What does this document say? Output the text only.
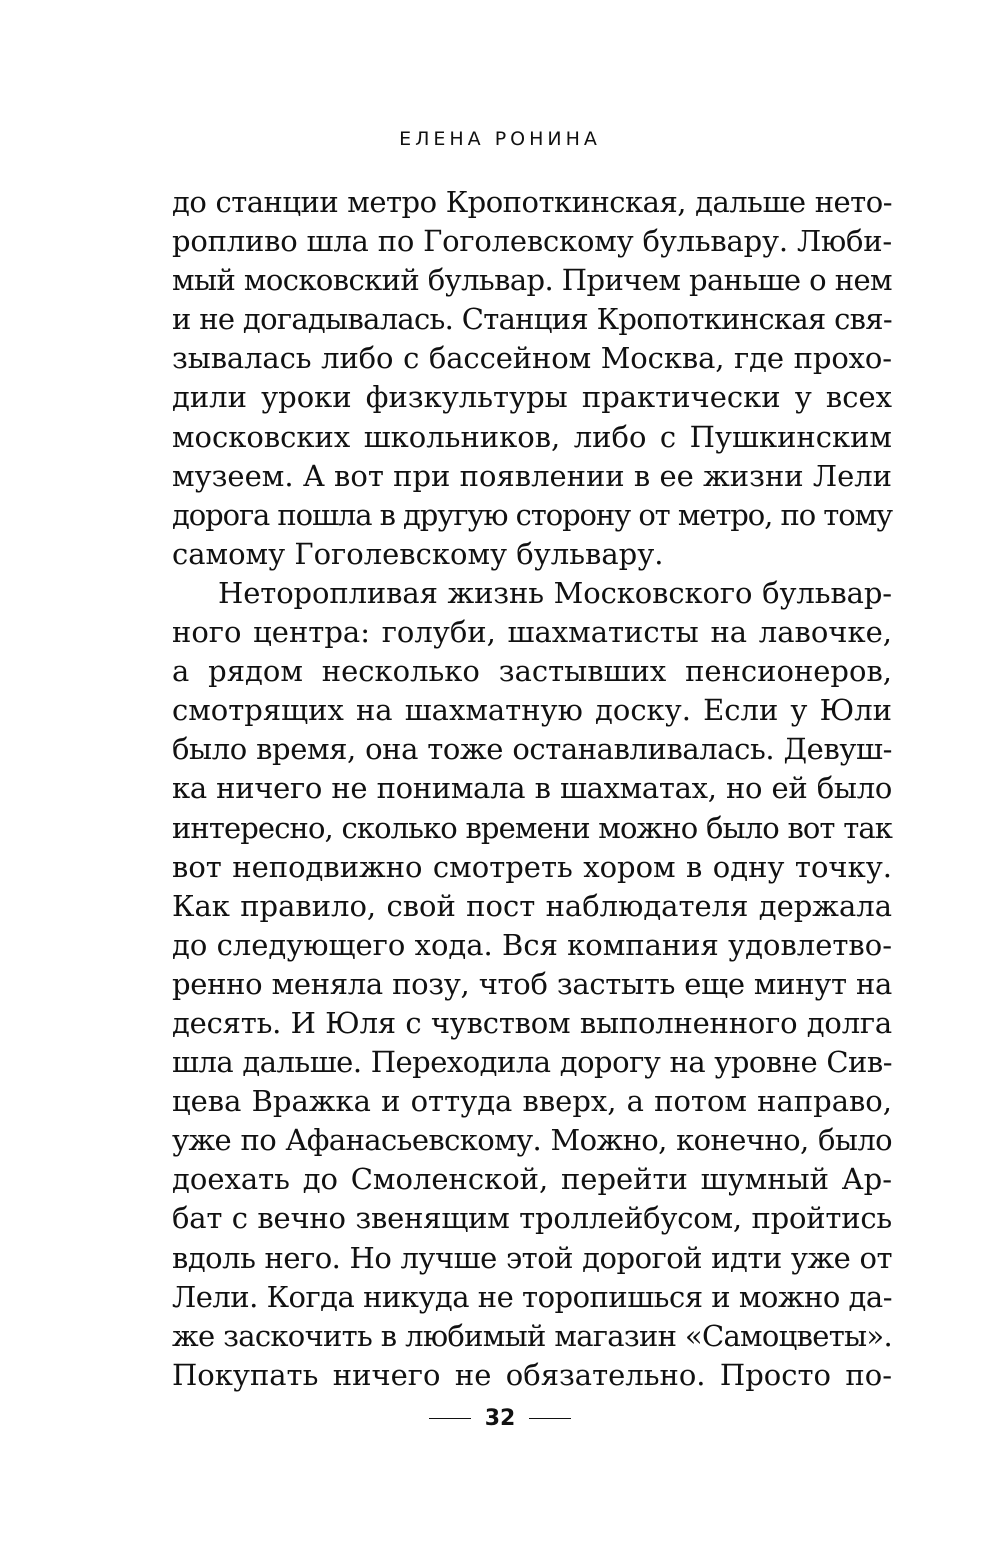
ЕЛЕНА РОНИНА
до станции метро Кропоткинская, дальше нето-
ропливо шла по Гоголевскому бульвару. Люби-
мый московский бульвар. Причем раньше о нем
и не догадывалась. Станция Кропоткинская свя-
зывалась либо с бассейном Москва, где прохо-
дили уроки физкультуры практически у всех
московских школьников, либо с Пушкинским
музеем. А вот при появлении в ее жизни Лели
дорога пошла в другую сторону от метро, по тому
самому Гоголевскому бульвару.
Неторопливая жизнь Московского бульвар-
ного центра: голуби, шахматисты на лавочке,
а рядом несколько застывших пенсионеров,
смотрящих на шахматную доску. Если у Юли
было время, она тоже останавливалась. Девуш-
ка ничего не понимала в шахматах, но ей было
интересно, сколько времени можно было вот так
вот неподвижно смотреть хором в одну точку.
Как правило, свой пост наблюдателя держала
до следующего хода. Вся компания удовлетво-
ренно меняла позу, чтоб застыть еще минут на
десять. И Юля с чувством выполненного долга
шла дальше. Переходила дорогу на уровне Сив-
цева Вражка и оттуда вверх, а потом направо,
уже по Афанасьевскому. Можно, конечно, было
доехать до Смоленской, перейти шумный Ар-
бат с вечно звенящим троллейбусом, пройтись
вдоль него. Но лучше этой дорогой идти уже от
Лели. Когда никуда не торопишься и можно да-
же заскочить в любимый магазин «Самоцветы».
Покупать ничего не обязательно. Просто по-
32
